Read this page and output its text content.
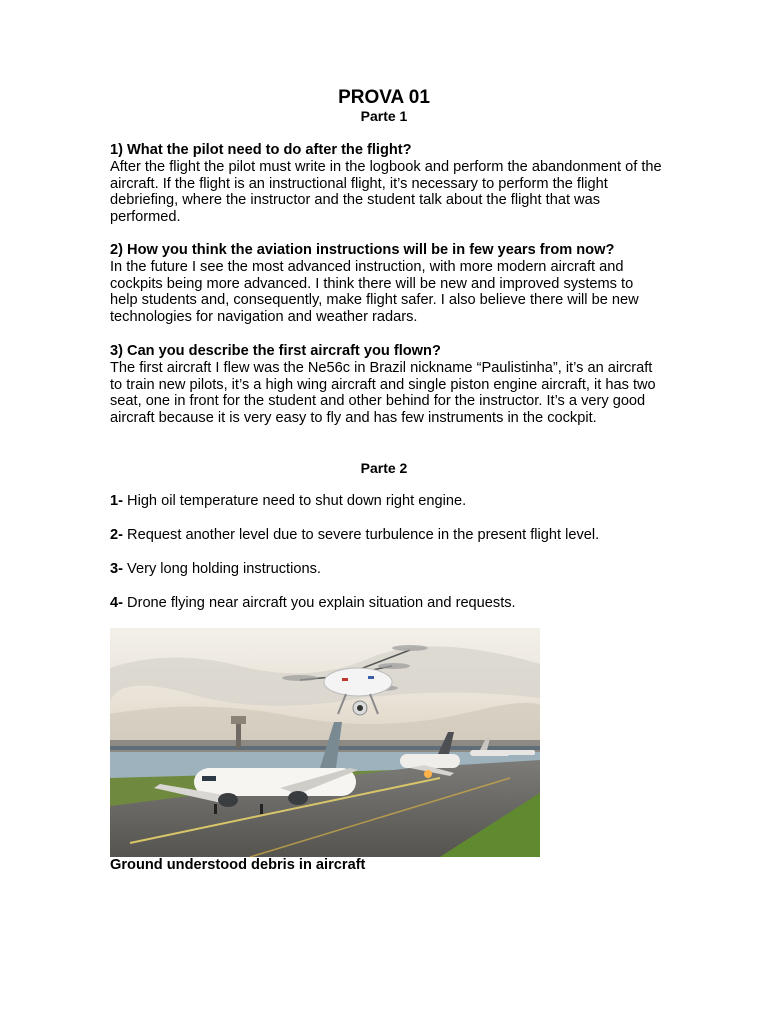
PROVA 01
Parte 1
1) What the pilot need to do after the flight?
After the flight the pilot must write in the logbook and perform the abandonment of the aircraft. If the flight is an instructional flight, it’s necessary to perform the flight debriefing, where the instructor and the student talk about the flight that was performed.
2) How you think the aviation instructions will be in few years from now?
In the future I see the most advanced instruction, with more modern aircraft and cockpits being more advanced. I think there will be new and improved systems to help students and, consequently, make flight safer. I also believe there will be new technologies for navigation and weather radars.
3) Can you describe the first aircraft you flown?
The first aircraft I flew was the Ne56c in Brazil nickname “Paulistinha”, it’s an aircraft to train new pilots, it’s a high wing aircraft and single piston engine aircraft, it has two seat, one in front for the student and other behind for the instructor. It’s a very good aircraft because it is very easy to fly and has few instruments in the cockpit.
Parte 2
1- High oil temperature need to shut down right engine.
2- Request another level due to severe turbulence in the present flight level.
3- Very long holding instructions.
4- Drone flying near aircraft you explain situation and requests.
Ground understood debris in aircraft
